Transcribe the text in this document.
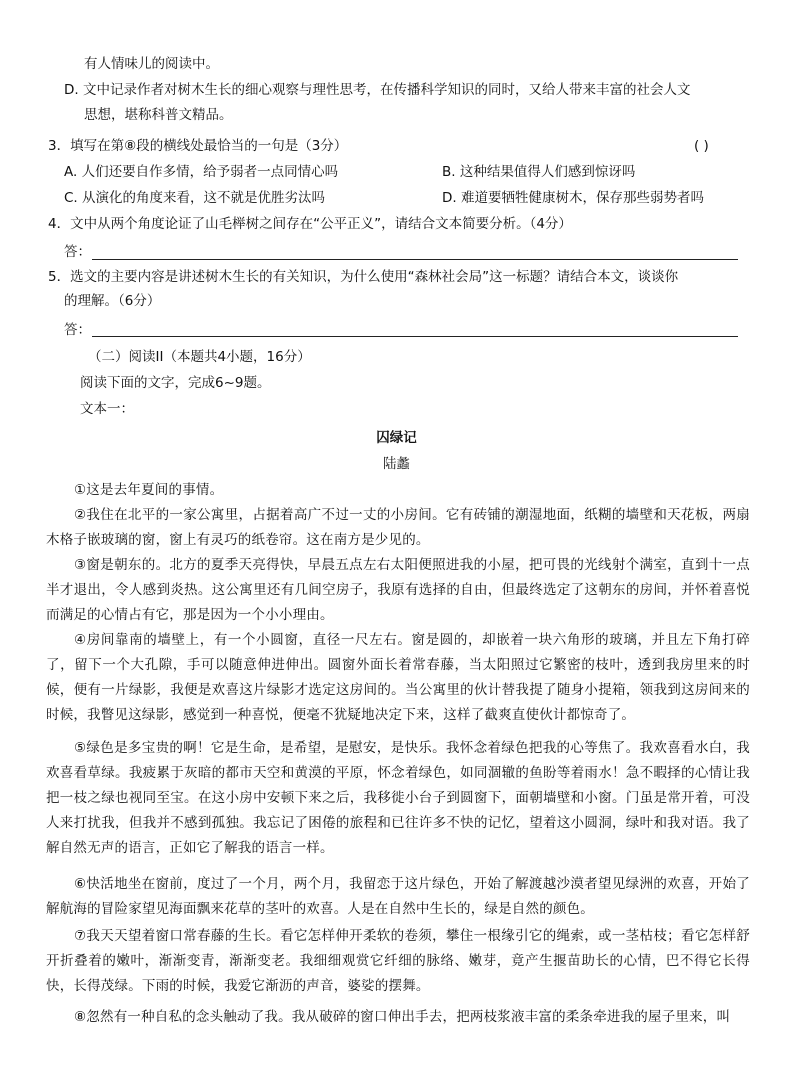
有人情味儿的阅读中。
D. 文中记录作者对树木生长的细心观察与理性思考，在传播科学知识的同时，又给人带来丰富的社会人文
思想，堪称科普文精品。
3．填写在第⑧段的横线处最恰当的一句是（3分）	( )
A. 人们还要自作多情，给予弱者一点同情心吗	B. 这种结果值得人们感到惊讶吗
C. 从演化的角度来看，这不就是优胜劣汰吗	D. 难道要牺牲健康树木，保存那些弱势者吗
4．文中从两个角度论证了山毛榉树之间存在“公平正义”，请结合文本简要分析。（4分）
答：
5．选文的主要内容是讲述树木生长的有关知识，为什么使用“森林社会局”这一标题？请结合本文，谈谈你
的理解。（6分）
答：
（二）阅读II（本题共4小题，16分）
阅读下面的文字，完成6~9题。
文本一：
囚绿记
陆蠡
①这是去年夏间的事情。
②我住在北平的一家公寓里，占据着高广不过一丈的小房间。它有砖铺的潮湿地面，纸糊的墙壁和天花板，两扇木格子嵌玻璃的窗，窗上有灵巧的纸卷帘。这在南方是少见的。
③窗是朝东的。北方的夏季天亮得快，早晨五点左右太阳便照进我的小屋，把可畏的光线射个满室，直到十一点半才退出，令人感到炎热。这公寓里还有几间空房子，我原有选择的自由，但最终选定了这朝东的房间，并怀着喜悦而满足的心情占有它，那是因为一个小小理由。
④房间靠南的墙壁上，有一个小圆窗，直径一尺左右。窗是圆的，却嵌着一块六角形的玻璃，并且左下角打碎了，留下一个大孔隙，手可以随意伸进伸出。圆窗外面长着常春藤，当太阳照过它繁密的枝叶，透到我房里来的时候，便有一片绿影，我便是欢喜这片绿影才选定这房间的。当公寓里的伙计替我提了随身小提箱，领我到这房间来的时候，我瞥见这绿影，感觉到一种喜悦，便毫不犹疑地决定下来，这样了截爽直使伙计都惊奇了。
⑤绿色是多宝贵的啊！它是生命，是希望，是慰安，是快乐。我怀念着绿色把我的心等焦了。我欢喜看水白，我欢喜看草绿。我疲累于灰暗的都市天空和黄漠的平原，怀念着绿色，如同涸辙的鱼盼等着雨水！急不暇择的心情让我把一枝之绿也视同至宝。在这小房中安顿下来之后，我移徙小台子到圆窗下，面朝墙壁和小窗。门虽是常开着，可没人来打扰我，但我并不感到孤独。我忘记了困倦的旅程和已往许多不快的记忆，望着这小圆洞，绿叶和我对语。我了解自然无声的语言，正如它了解我的语言一样。
⑥快活地坐在窗前，度过了一个月，两个月，我留恋于这片绿色，开始了解渡越沙漠者望见绿洲的欢喜，开始了解航海的冒险家望见海面飘来花草的茎叶的欢喜。人是在自然中生长的，绿是自然的颜色。
⑦我天天望着窗口常春藤的生长。看它怎样伸开柔软的卷须，攀住一根缘引它的绳索，或一茎枯枝；看它怎样舒开折叠着的嫩叶，渐渐变青，渐渐变老。我细细观赏它纤细的脉络、嫩芽，竟产生揠苗助长的心情，巴不得它长得快，长得茂绿。下雨的时候，我爱它渐沥的声音，婆娑的摆舞。
⑧忽然有一种自私的念头触动了我。我从破碎的窗口伸出手去，把两枝浆液丰富的柔条牵进我的屋子里来，叫
